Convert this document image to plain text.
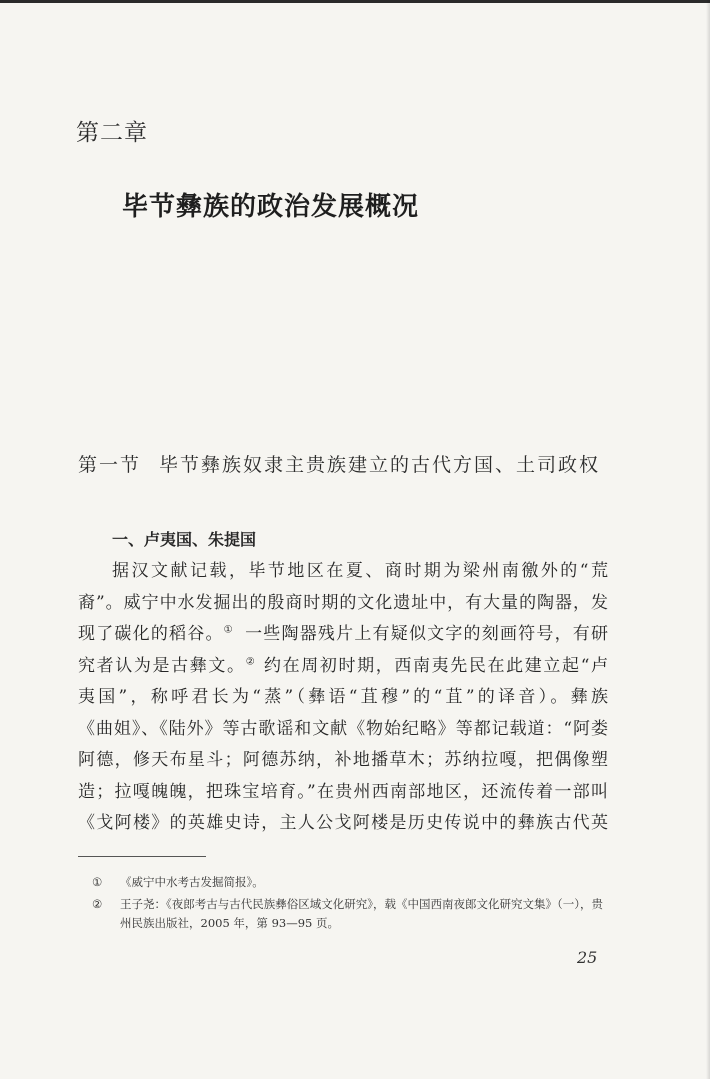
第二章
毕节彝族的政治发展概况
第一节 毕节彝族奴隶主贵族建立的古代方国、土司政权
一、卢夷国、朱提国
据汉文献记载，毕节地区在夏、商时期为梁州南徼外的“荒
裔”。威宁中水发掘出的殷商时期的文化遗址中，有大量的陶器，发
现了碳化的稻谷。① 一些陶器残片上有疑似文字的刻画符号，有研
究者认为是古彝文。② 约在周初时期，西南夷先民在此建立起“卢
夷国”，称呼君长为“蒸”（彝语“苴穆”的“苴”的译音）。彝族
《曲姐》、《陆外》等古歌谣和文献《物始纪略》等都记载道：“阿娄
阿德，修天布星斗；阿德苏纳，补地播草木；苏纳拉嘎，把偶像塑
造；拉嘎魄魄，把珠宝培育。”在贵州西南部地区，还流传着一部叫
《戈阿楼》的英雄史诗，主人公戈阿楼是历史传说中的彝族古代英
①	《威宁中水考古发掘简报》。
②	王子尧：《夜郎考古与古代民族彝俗区域文化研究》，载《中国西南夜郎文化研究文集》（一），贵州民族出版社，2005 年，第 93—95 页。
25
